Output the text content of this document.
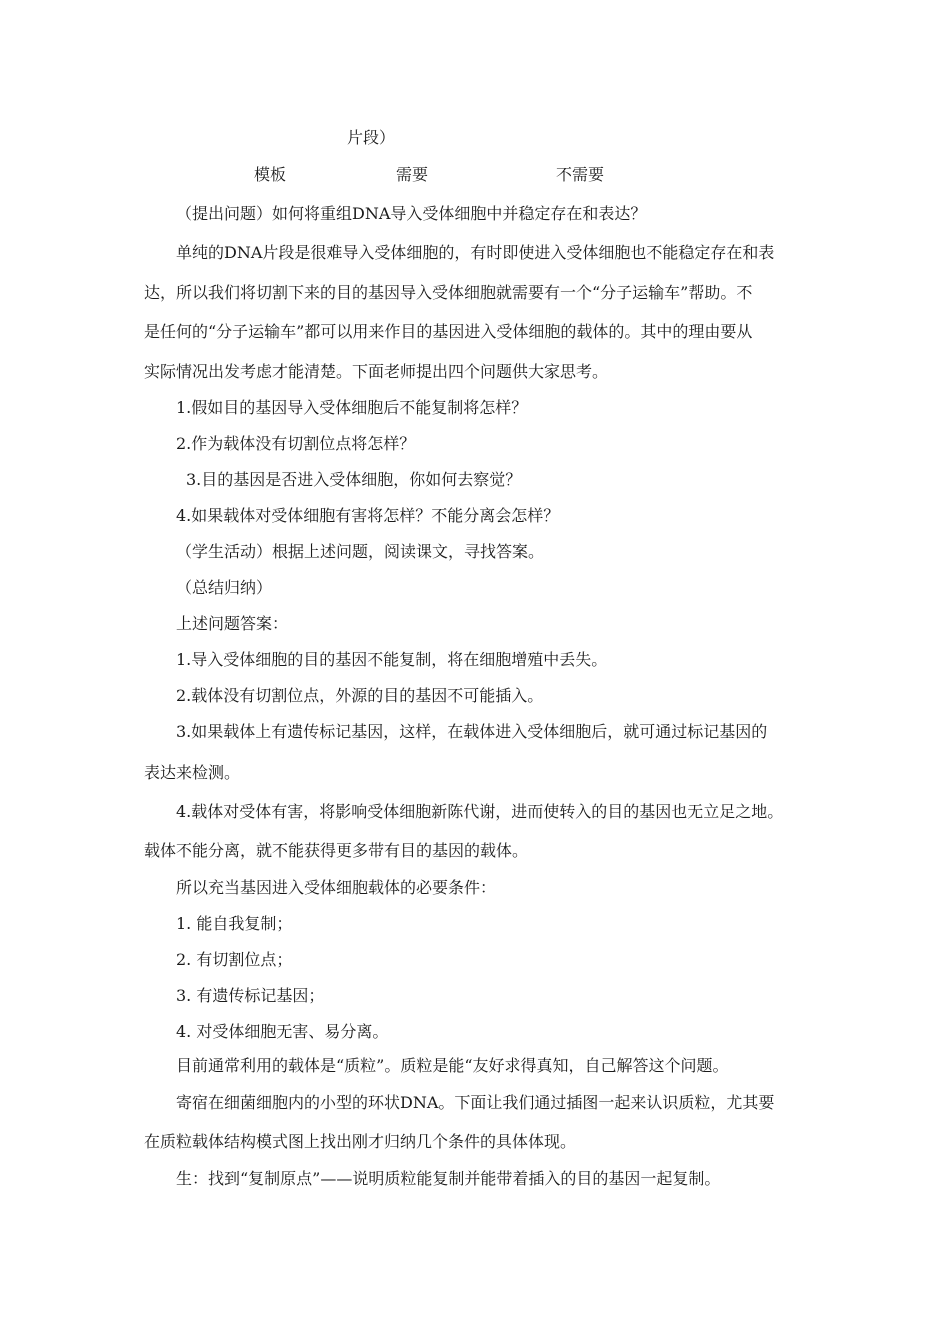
片段）
模板	需要	不需要
（提出问题）如何将重组DNA导入受体细胞中并稳定存在和表达？
单纯的DNA片段是很难导入受体细胞的，有时即使进入受体细胞也不能稳定存在和表
达，所以我们将切割下来的目的基因导入受体细胞就需要有一个“分子运输车”帮助。不
是任何的“分子运输车”都可以用来作目的基因进入受体细胞的载体的。其中的理由要从
实际情况出发考虑才能清楚。下面老师提出四个问题供大家思考。
1.假如目的基因导入受体细胞后不能复制将怎样？
2.作为载体没有切割位点将怎样？
3.目的基因是否进入受体细胞，你如何去察觉？
4.如果载体对受体细胞有害将怎样？不能分离会怎样？
（学生活动）根据上述问题，阅读课文，寻找答案。
（总结归纳）
上述问题答案：
1.导入受体细胞的目的基因不能复制，将在细胞增殖中丢失。
2.载体没有切割位点，外源的目的基因不可能插入。
3.如果载体上有遗传标记基因，这样，在载体进入受体细胞后，就可通过标记基因的
表达来检测。
4.载体对受体有害，将影响受体细胞新陈代谢，进而使转入的目的基因也无立足之地。
载体不能分离，就不能获得更多带有目的基因的载体。
所以充当基因进入受体细胞载体的必要条件：
1. 能自我复制；
2. 有切割位点；
3. 有遗传标记基因；
4. 对受体细胞无害、易分离。
目前通常利用的载体是“质粒”。质粒是能“友好求得真知，自己解答这个问题。
寄宿在细菌细胞内的小型的环状DNA。下面让我们通过插图一起来认识质粒，尤其要
在质粒载体结构模式图上找出刚才归纳几个条件的具体体现。
生：找到“复制原点”——说明质粒能复制并能带着插入的目的基因一起复制。
